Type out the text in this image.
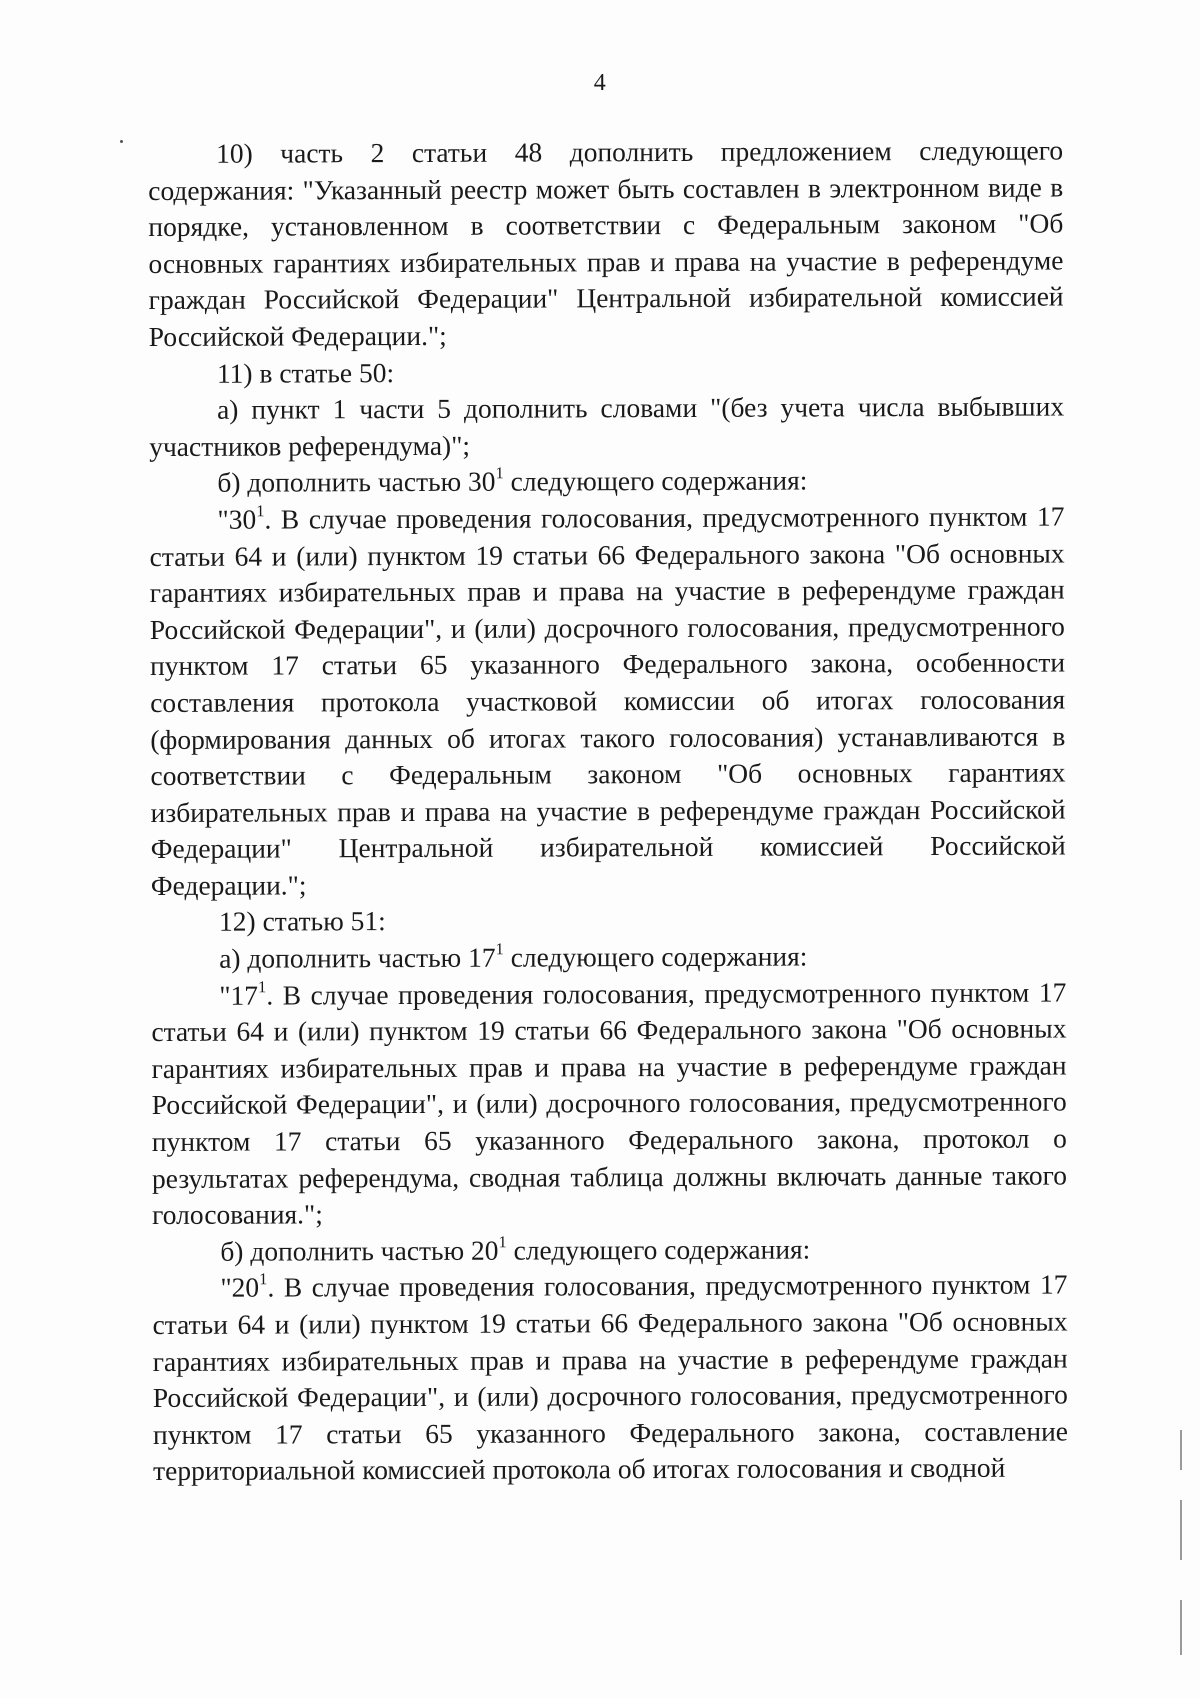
4

10) часть 2 статьи 48 дополнить предложением следующего содержания: "Указанный реестр может быть составлен в электронном виде в порядке, установленном в соответствии с Федеральным законом "Об основных гарантиях избирательных прав и права на участие в референдуме граждан Российской Федерации" Центральной избирательной комиссией Российской Федерации.";

11) в статье 50:

а) пункт 1 части 5 дополнить словами "(без учета числа выбывших участников референдума)";

б) дополнить частью $30^1$ следующего содержания:

"$30^1$. В случае проведения голосования, предусмотренного пунктом 17 статьи 64 и (или) пунктом 19 статьи 66 Федерального закона "Об основных гарантиях избирательных прав и права на участие в референдуме граждан Российской Федерации", и (или) досрочного голосования, предусмотренного пунктом 17 статьи 65 указанного Федерального закона, особенности составления протокола участковой комиссии об итогах голосования (формирования данных об итогах такого голосования) устанавливаются в соответствии с Федеральным законом "Об основных гарантиях избирательных прав и права на участие в референдуме граждан Российской Федерации" Центральной избирательной комиссией Российской Федерации.";

12) статью 51:

а) дополнить частью $17^1$ следующего содержания:

"$17^1$. В случае проведения голосования, предусмотренного пунктом 17 статьи 64 и (или) пунктом 19 статьи 66 Федерального закона "Об основных гарантиях избирательных прав и права на участие в референдуме граждан Российской Федерации", и (или) досрочного голосования, предусмотренного пунктом 17 статьи 65 указанного Федерального закона, протокол о результатах референдума, сводная таблица должны включать данные такого голосования.";

б) дополнить частью $20^1$ следующего содержания:

"$20^1$. В случае проведения голосования, предусмотренного пунктом 17 статьи 64 и (или) пунктом 19 статьи 66 Федерального закона "Об основных гарантиях избирательных прав и права на участие в референдуме граждан Российской Федерации", и (или) досрочного голосования, предусмотренного пунктом 17 статьи 65 указанного Федерального закона, составление территориальной комиссией протокола об итогах голосования и сводной
